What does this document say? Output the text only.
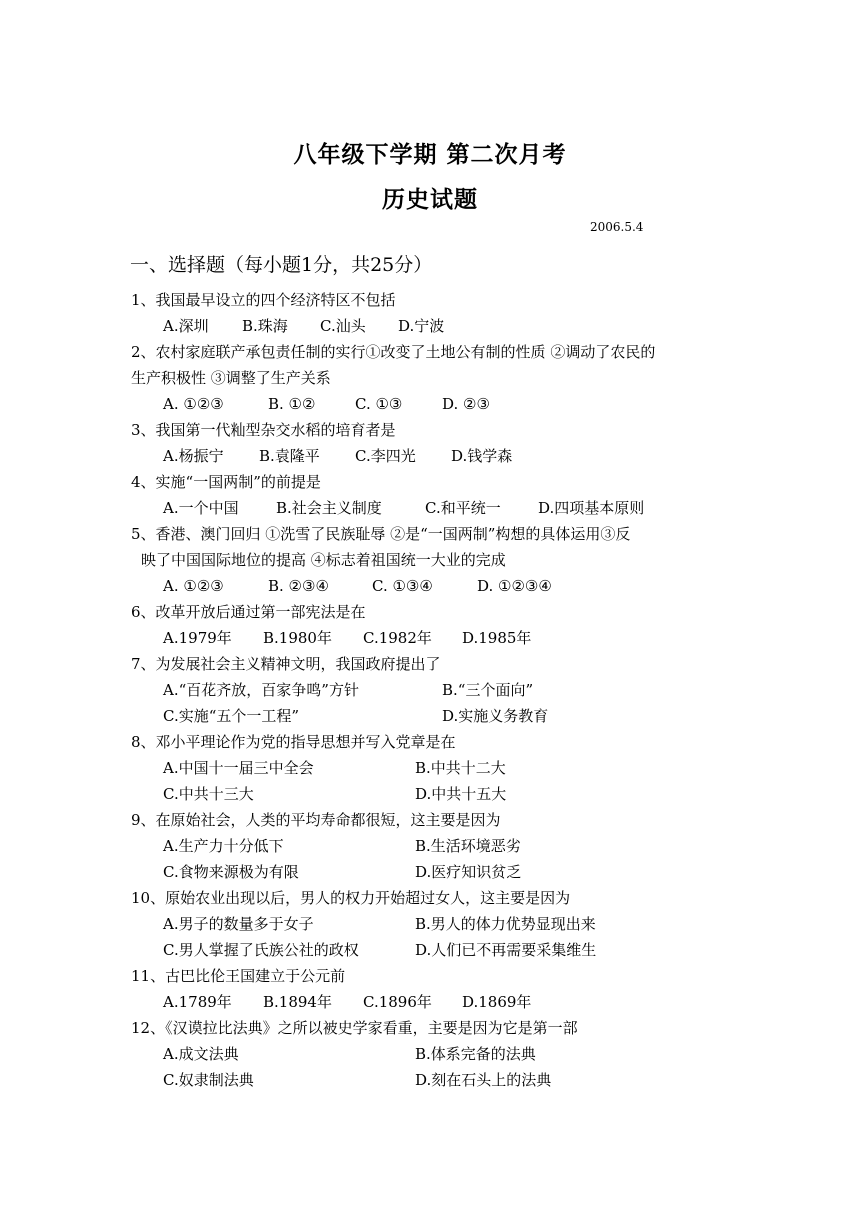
八年级下学期 第二次月考
历史试题
2006.5.4
一、选择题（每小题1分，共25分）
1、我国最早设立的四个经济特区不包括
A.深圳 B.珠海 C.汕头 D.宁波
2、农村家庭联产承包责任制的实行①改变了土地公有制的性质 ②调动了农民的
生产积极性 ③调整了生产关系
A. ①②③	B. ①②	C. ①③	D. ②③
3、我国第一代籼型杂交水稻的培育者是
A.杨振宁 B.袁隆平 C.李四光 D.钱学森
4、实施“一国两制”的前提是
A.一个中国 B.社会主义制度	C.和平统一 D.四项基本原则
5、香港、澳门回归 ①洗雪了民族耻辱 ②是“一国两制”构想的具体运用③反
映了中国国际地位的提高 ④标志着祖国统一大业的完成
A. ①②③	B. ②③④	C. ①③④	D. ①②③④
6、改革开放后通过第一部宪法是在
A.1979年 B.1980年 C.1982年 D.1985年
7、为发展社会主义精神文明，我国政府提出了
A.“百花齐放，百家争鸣”方针	B.“三个面向”
C.实施“五个一工程”	D.实施义务教育
8、邓小平理论作为党的指导思想并写入党章是在
A.中国十一届三中全会	B.中共十二大
C.中共十三大	D.中共十五大
9、在原始社会，人类的平均寿命都很短，这主要是因为
A.生产力十分低下	B.生活环境恶劣
C.食物来源极为有限	D.医疗知识贫乏
10、原始农业出现以后，男人的权力开始超过女人，这主要是因为
A.男子的数量多于女子	B.男人的体力优势显现出来
C.男人掌握了氏族公社的政权	D.人们已不再需要采集维生
11、古巴比伦王国建立于公元前
A.1789年 B.1894年 C.1896年 D.1869年
12、《汉谟拉比法典》之所以被史学家看重，主要是因为它是第一部
A.成文法典	B.体系完备的法典
C.奴隶制法典	D.刻在石头上的法典
